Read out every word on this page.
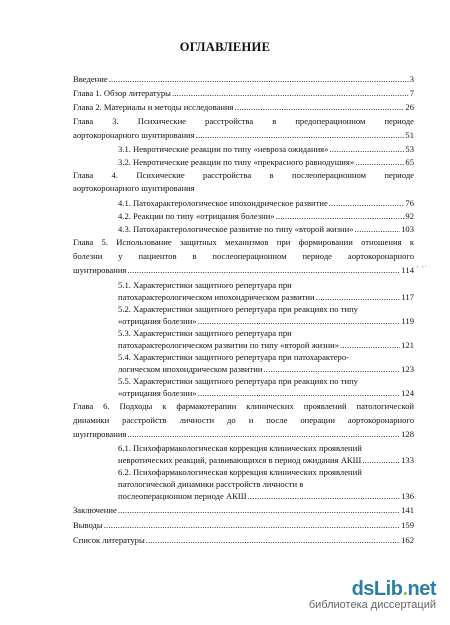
ОГЛАВЛЕНИЕ
Введение .....	3
Глава 1. Обзор литературы .....	7
Глава 2. Материалы и методы исследования .....	26
Глава 3. Психические расстройства в предоперационном периоде
аортокоронарного шунтирования .....	51
3.1. Невротические реакции по типу «невроза ожидания» .....	53
3.2. Невротические реакции по типу «прекрасного равнодушия» .....	65
Глава 4. Психические расстройства в послеоперационном периоде
аортокоронарного шунтирования
4.1. Патохарактерологическое ипохондрическое развитие .....	76
4.2. Реакции по типу «отрицания болезни» .....	92
4.3. Патохарактерологическое развитие по типу «второй жизни» .....	103
Глава 5. Использование защитных механизмов при формировании отношения к
болезни у пациентов в послеоперационном периоде аортокоронарного
шунтирования .....	114 ⋅ ⋅ˑ
5.1. Характеристики защитного репертуара при
патохарактерологическом ипохондрическом развитии .....	117
5.2. Характеристики защитного репертуара при реакциях по типу
«отрицания болезни» .....	119
5.3. Характеристики защитного репертуара при
патохарактерологическом развитии по типу «второй жизни» .....	121
5.4. Характеристики защитного репертуара при патохарактеро-
логическом ипохондрическом развитии .....	123
5.5. Характеристики защитного репертуара при реакциях по типу
«отрицания болезни» .....	124
Глава 6. Подходы к фармакотерапии клинических проявлений патологической
динамики расстройств личности до и после операции аортокоронарного
шунтирования .....	128
6.1. Психофармакологическая коррекция клинических проявлений
невротических реакций, развивающихся в период ожидания АКШ .....	133
6.2. Психофармакологическая коррекция клинических проявлений
патологической динамики расстройств личности в
послеоперационном периоде АКШ .....	136
Заключение .....	141
Выводы .....	159
Список литературы .....	162
dsLib.net
библиотека диссертаций
